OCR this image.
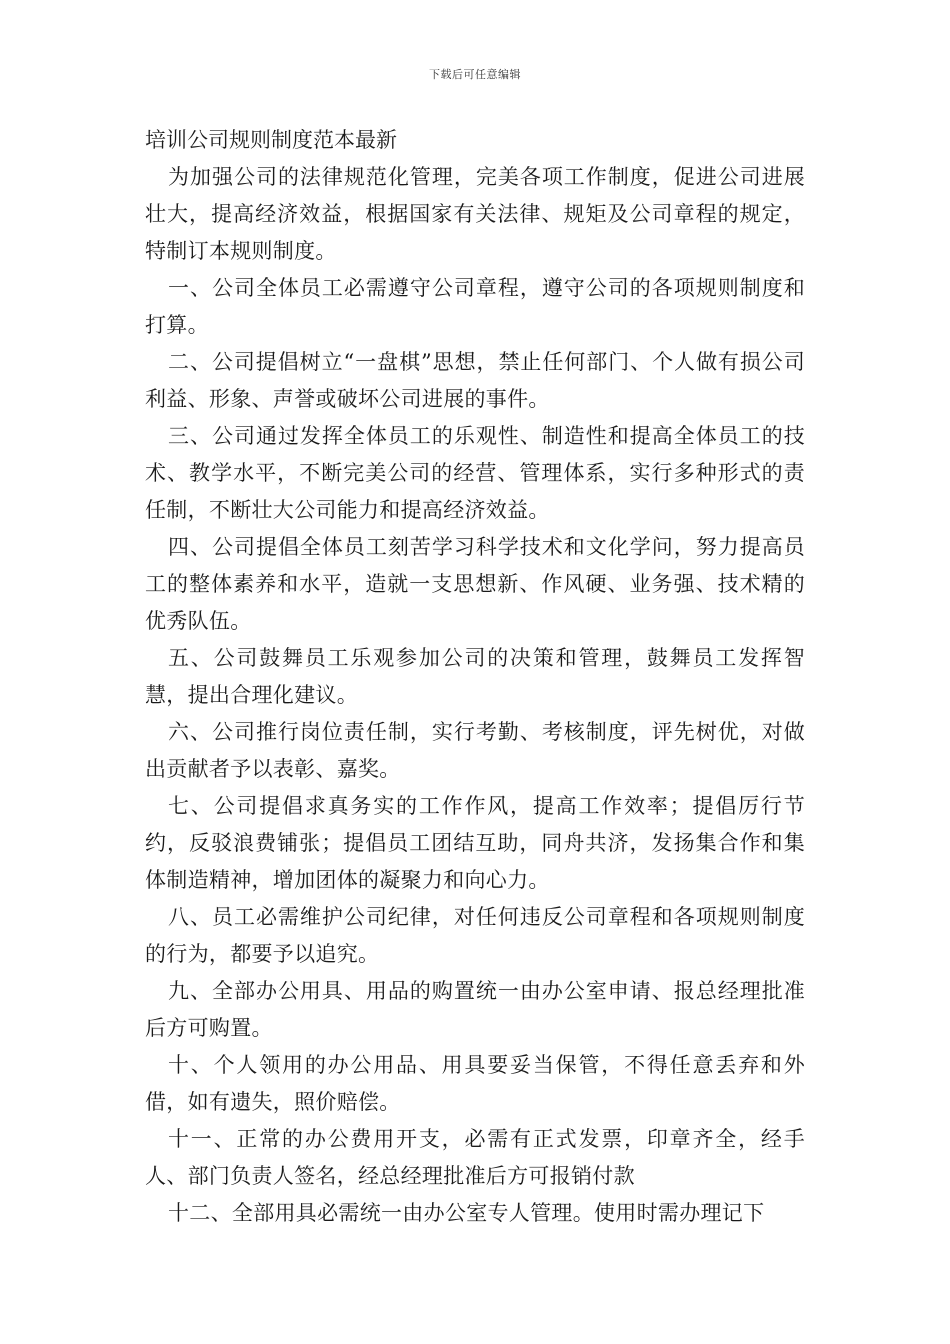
下载后可任意编辑
培训公司规则制度范本最新

为加强公司的法律规范化管理，完美各项工作制度，促进公司进展壮大，提高经济效益，根据国家有关法律、规矩及公司章程的规定，特制订本规则制度。

一、公司全体员工必需遵守公司章程，遵守公司的各项规则制度和打算。

二、公司提倡树立“一盘棋”思想，禁止任何部门、个人做有损公司利益、形象、声誉或破坏公司进展的事件。

三、公司通过发挥全体员工的乐观性、制造性和提高全体员工的技术、教学水平，不断完美公司的经营、管理体系，实行多种形式的责任制，不断壮大公司能力和提高经济效益。

四、公司提倡全体员工刻苦学习科学技术和文化学问，努力提高员工的整体素养和水平，造就一支思想新、作风硬、业务强、技术精的优秀队伍。

五、公司鼓舞员工乐观参加公司的决策和管理，鼓舞员工发挥智慧，提出合理化建议。

六、公司推行岗位责任制，实行考勤、考核制度，评先树优，对做出贡献者予以表彰、嘉奖。

七、公司提倡求真务实的工作作风，提高工作效率；提倡厉行节约，反驳浪费铺张；提倡员工团结互助，同舟共济，发扬集合作和集体制造精神，增加团体的凝聚力和向心力。

八、员工必需维护公司纪律，对任何违反公司章程和各项规则制度的行为，都要予以追究。

九、全部办公用具、用品的购置统一由办公室申请、报总经理批准后方可购置。

十、个人领用的办公用品、用具要妥当保管，不得任意丢弃和外借，如有遗失，照价赔偿。

十一、正常的办公费用开支，必需有正式发票，印章齐全，经手人、部门负责人签名，经总经理批准后方可报销付款

十二、全部用具必需统一由办公室专人管理。使用时需办理记下
